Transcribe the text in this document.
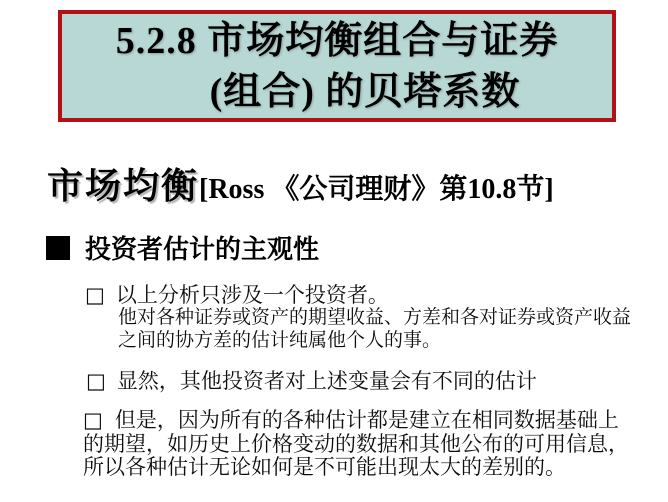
5.2.8 市场均衡组合与证券
(组合) 的贝塔系数
市场均衡 [Ross 《公司理财》第10.8节]
投资者估计的主观性
□ 以上分析只涉及一个投资者。
他对各种证券或资产的期望收益、方差和各对证券或资产收益
之间的协方差的估计纯属他个人的事。
□ 显然，其他投资者对上述变量会有不同的估计
□ 但是，因为所有的各种估计都是建立在相同数据基础上
的期望，如历史上价格变动的数据和其他公布的可用信息，
所以各种估计无论如何是不可能出现太大的差别的。
